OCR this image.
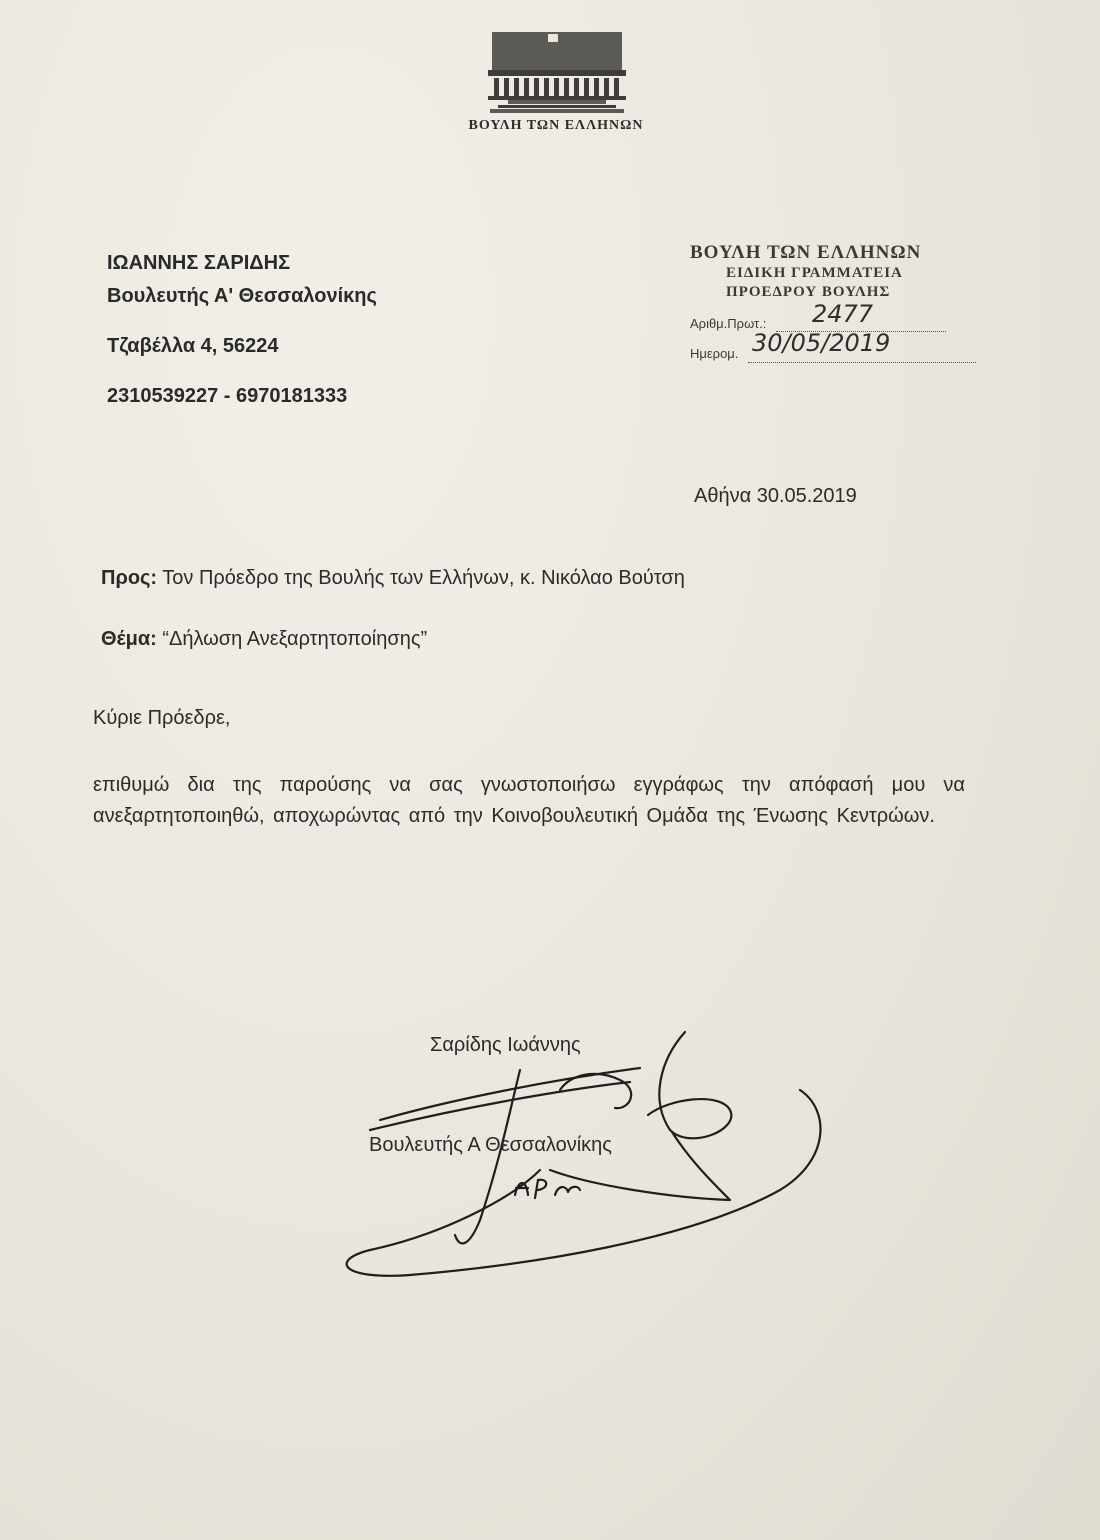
ΒΟΥΛΗ ΤΩΝ ΕΛΛΗΝΩΝ
ΙΩΑΝΝΗΣ ΣΑΡΙΔΗΣ
Βουλευτής Α' Θεσσαλονίκης
Τζαβέλλα 4, 56224
2310539227 - 6970181333
ΒΟΥΛΗ ΤΩΝ ΕΛΛΗΝΩΝ
ΕΙΔΙΚΗ ΓΡΑΜΜΑΤΕΙΑ
ΠΡΟΕΔΡΟΥ ΒΟΥΛΗΣ
Αριθμ.Πρωτ.: 2477
Ημερομ. 30/05/2019
Αθήνα 30.05.2019
Προς: Τον Πρόεδρο της Βουλής των Ελλήνων, κ. Νικόλαο Βούτση
Θέμα: “Δήλωση Ανεξαρτητοποίησης”
Κύριε Πρόεδρε,
επιθυμώ δια της παρούσης να σας γνωστοποιήσω εγγράφως την απόφασή μου να ανεξαρτητοποιηθώ, αποχωρώντας από την Κοινοβουλευτική Ομάδα της Ένωσης Κεντρώων.
Σαρίδης Ιωάννης
Βουλευτής Α Θεσσαλονίκης
